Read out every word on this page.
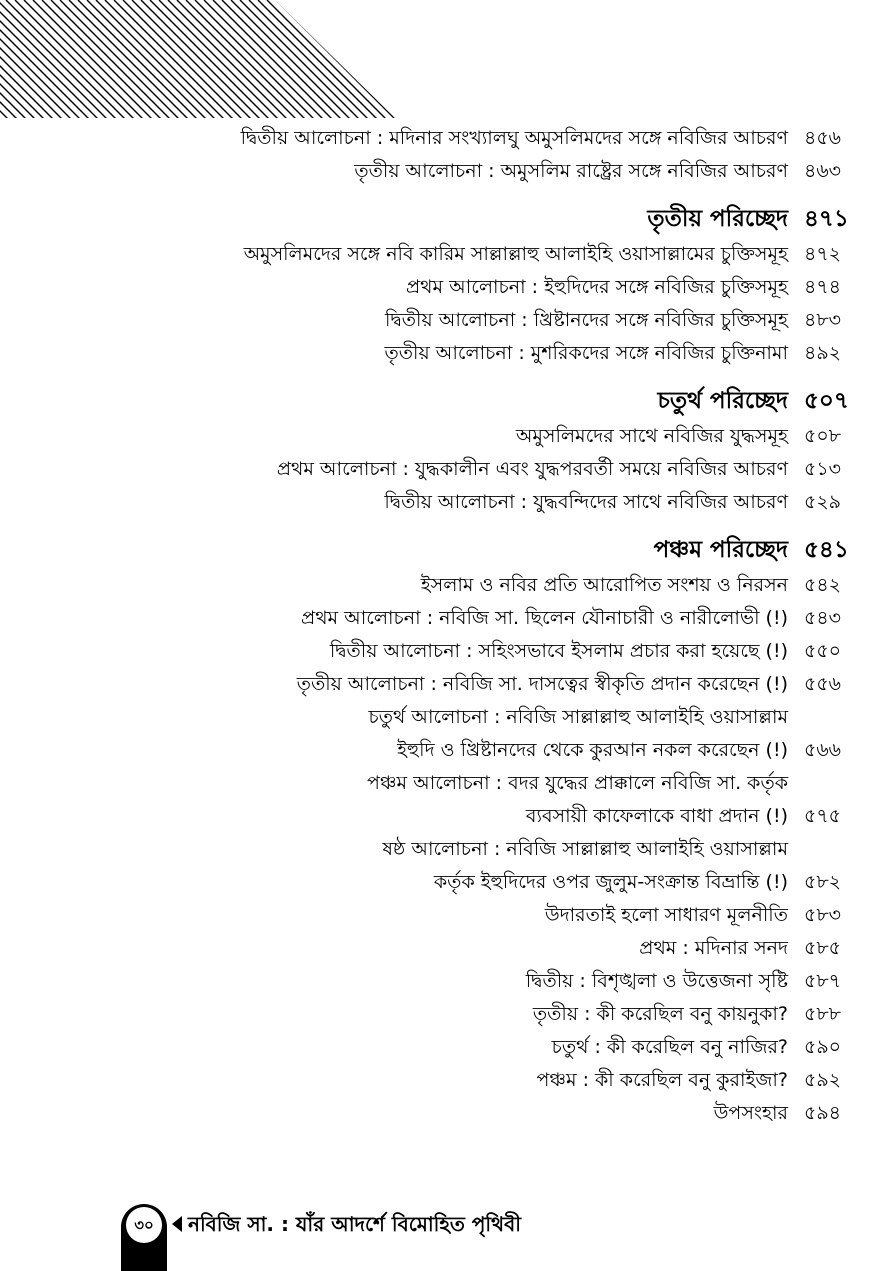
দ্বিতীয় আলোচনা : মদিনার সংখ্যালঘু অমুসলিমদের সঙ্গে নবিজির আচরণ ৪৫৬
তৃতীয় আলোচনা : অমুসলিম রাষ্ট্রের সঙ্গে নবিজির আচরণ ৪৬৩
তৃতীয় পরিচ্ছেদ ৪৭১
অমুসলিমদের সঙ্গে নবি কারিম সাল্লাল্লাহু আলাইহি ওয়াসাল্লামের চুক্তিসমূহ ৪৭২
প্রথম আলোচনা : ইহুদিদের সঙ্গে নবিজির চুক্তিসমূহ ৪৭৪
দ্বিতীয় আলোচনা : খ্রিষ্টানদের সঙ্গে নবিজির চুক্তিসমূহ ৪৮৩
তৃতীয় আলোচনা : মুশরিকদের সঙ্গে নবিজির চুক্তিনামা ৪৯২
চতুর্থ পরিচ্ছেদ ৫০৭
অমুসলিমদের সাথে নবিজির যুদ্ধসমূহ ৫০৮
প্রথম আলোচনা : যুদ্ধকালীন এবং যুদ্ধপরবর্তী সময়ে নবিজির আচরণ ৫১৩
দ্বিতীয় আলোচনা : যুদ্ধবন্দিদের সাথে নবিজির আচরণ ৫২৯
পঞ্চম পরিচ্ছেদ ৫৪১
ইসলাম ও নবির প্রতি আরোপিত সংশয় ও নিরসন ৫৪২
প্রথম আলোচনা : নবিজি সা. ছিলেন যৌনাচারী ও নারীলোভী (!) ৫৪৩
দ্বিতীয় আলোচনা : সহিংসভাবে ইসলাম প্রচার করা হয়েছে (!) ৫৫০
তৃতীয় আলোচনা : নবিজি সা. দাসত্বের স্বীকৃতি প্রদান করেছেন (!) ৫৫৬
চতুর্থ আলোচনা : নবিজি সাল্লাল্লাহু আলাইহি ওয়াসাল্লাম
ইহুদি ও খ্রিষ্টানদের থেকে কুরআন নকল করেছেন (!) ৫৬৬
পঞ্চম আলোচনা : বদর যুদ্ধের প্রাক্কালে নবিজি সা. কর্তৃক
ব্যবসায়ী কাফেলাকে বাধা প্রদান (!) ৫৭৫
ষষ্ঠ আলোচনা : নবিজি সাল্লাল্লাহু আলাইহি ওয়াসাল্লাম
কর্তৃক ইহুদিদের ওপর জুলুম-সংক্রান্ত বিভ্রান্তি (!) ৫৮২
উদারতাই হলো সাধারণ মূলনীতি ৫৮৩
প্রথম : মদিনার সনদ ৫৮৫
দ্বিতীয় : বিশৃঙ্খলা ও উত্তেজনা সৃষ্টি ৫৮৭
তৃতীয় : কী করেছিল বনু কায়নুকা? ৫৮৮
চতুর্থ : কী করেছিল বনু নাজির? ৫৯০
পঞ্চম : কী করেছিল বনু কুরাইজা? ৫৯২
উপসংহার ৫৯৪
৩০	নবিজি সা. : যাঁর আদর্শে বিমোহিত পৃথিবী
